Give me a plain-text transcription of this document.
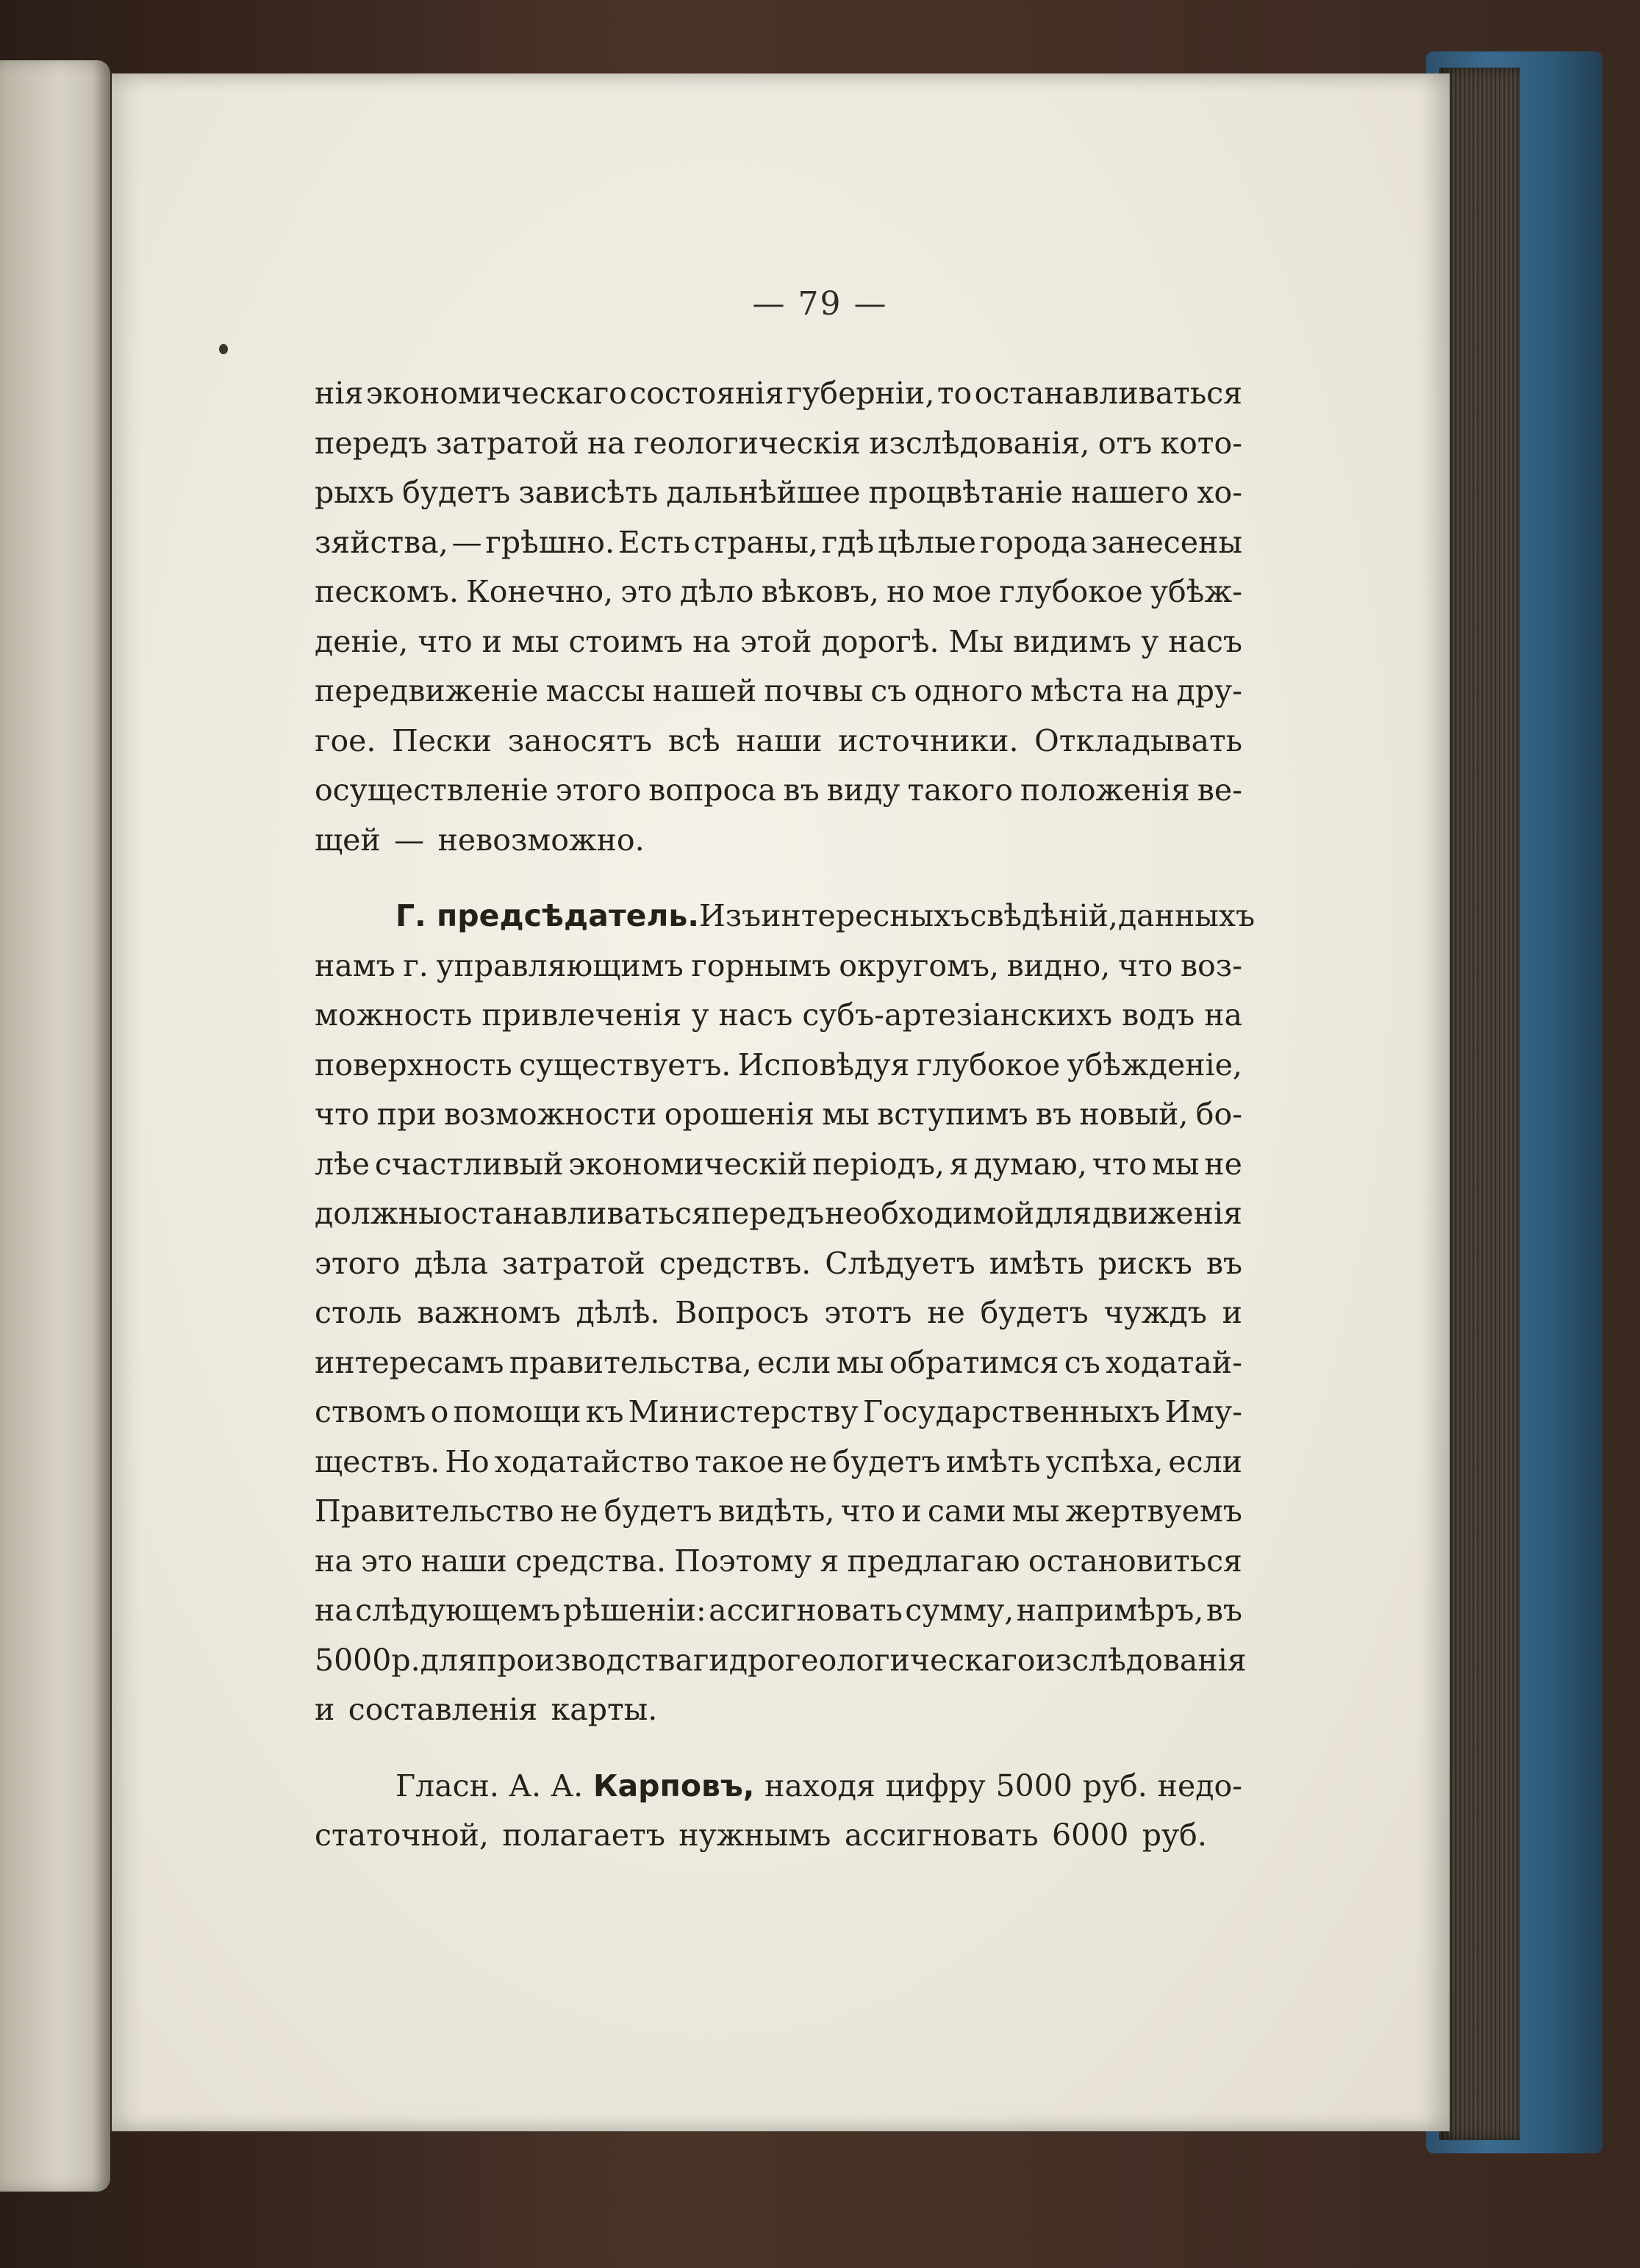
— 79 —
нія экономическаго состоянія губерніи, то останавливаться
передъ затратой на геологическія изслѣдованія, отъ кото-
рыхъ будетъ зависѣть дальнѣйшее процвѣтаніе нашего хо-
зяйства, — грѣшно. Есть страны, гдѣ цѣлые города занесены
пескомъ. Конечно, это дѣло вѣковъ, но мое глубокое убѣж-
деніе, что и мы стоимъ на этой дорогѣ. Мы видимъ у насъ
передвиженіе массы нашей почвы съ одного мѣста на дру-
гое. Пески заносятъ всѣ наши источники. Откладывать
осуществленіе этого вопроса въ виду такого положенія ве-
щей — невозможно.
Г. предсѣдатель. Изъ интересныхъ свѣдѣній, данныхъ
намъ г. управляющимъ горнымъ округомъ, видно, что воз-
можность привлеченія у насъ субъ-артезіанскихъ водъ на
поверхность существуетъ. Исповѣдуя глубокое убѣжденіе,
что при возможности орошенія мы вступимъ въ новый, бо-
лѣе счастливый экономическій періодъ, я думаю, что мы не
должны останавливаться передъ необходимой для движенія
этого дѣла затратой средствъ. Слѣдуетъ имѣть рискъ въ
столь важномъ дѣлѣ. Вопросъ этотъ не будетъ чуждъ и
интересамъ правительства, если мы обратимся съ ходатай-
ствомъ о помощи къ Министерству Государственныхъ Иму-
ществъ. Но ходатайство такое не будетъ имѣть успѣха, если
Правительство не будетъ видѣть, что и сами мы жертвуемъ
на это наши средства. Поэтому я предлагаю остановиться
на слѣдующемъ рѣшеніи: ассигновать сумму, напримѣръ, въ
5000 р. для производства гидрогеологическаго изслѣдованія
и составленія карты.
Гласн. А. А. Карповъ, находя цифру 5000 руб. недо-
статочной, полагаетъ нужнымъ ассигновать 6000 руб.
